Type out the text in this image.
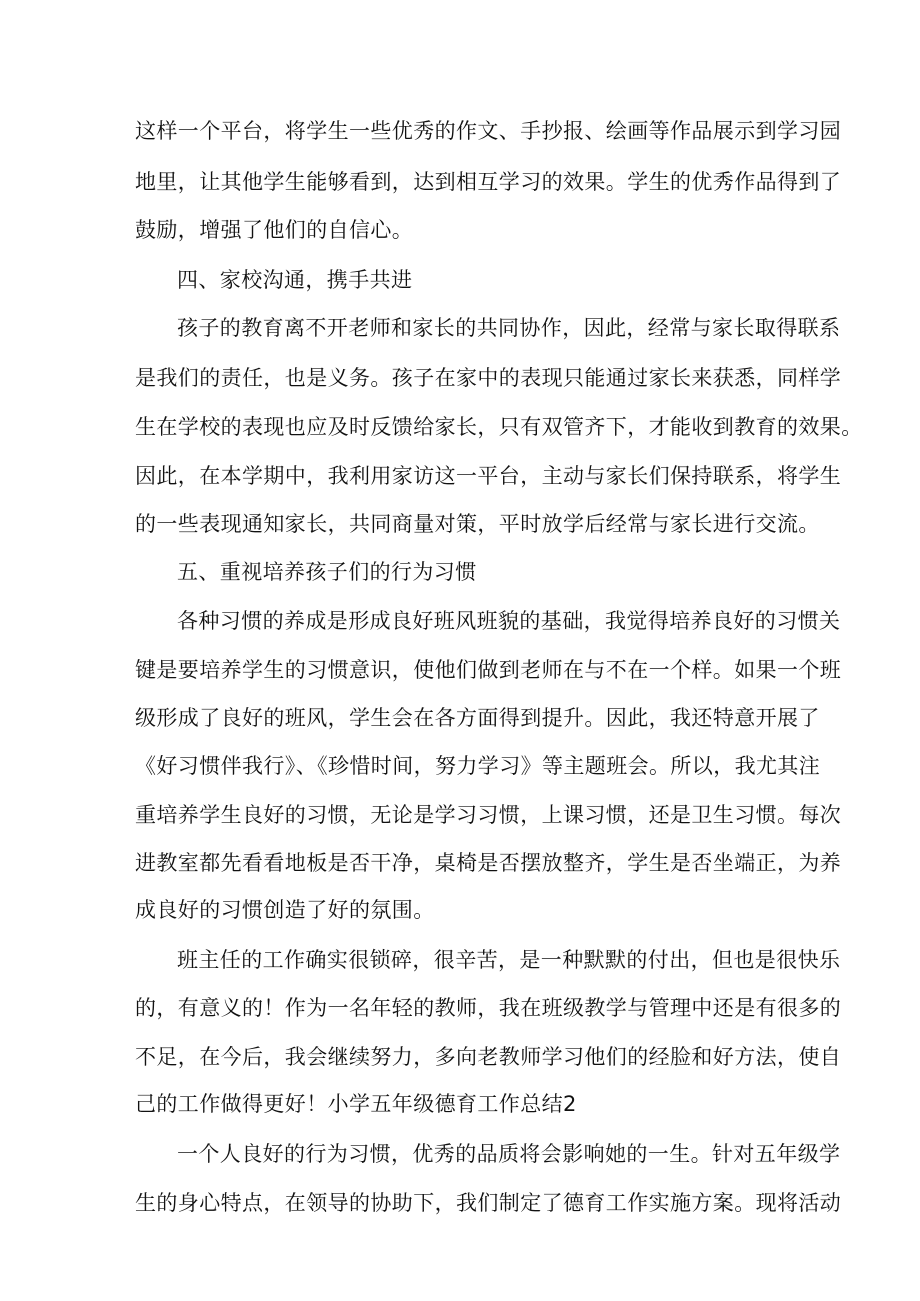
这样一个平台，将学生一些优秀的作文、手抄报、绘画等作品展示到学习园
地里，让其他学生能够看到，达到相互学习的效果。学生的优秀作品得到了
鼓励，增强了他们的自信心。
四、家校沟通，携手共进
孩子的教育离不开老师和家长的共同协作，因此，经常与家长取得联系
是我们的责任，也是义务。孩子在家中的表现只能通过家长来获悉，同样学
生在学校的表现也应及时反馈给家长，只有双管齐下，才能收到教育的效果。
因此，在本学期中，我利用家访这一平台，主动与家长们保持联系，将学生
的一些表现通知家长，共同商量对策，平时放学后经常与家长进行交流。
五、重视培养孩子们的行为习惯
各种习惯的养成是形成良好班风班貌的基础，我觉得培养良好的习惯关
键是要培养学生的习惯意识，使他们做到老师在与不在一个样。如果一个班
级形成了良好的班风，学生会在各方面得到提升。因此，我还特意开展了
《好习惯伴我行》、《珍惜时间，努力学习》等主题班会。所以，我尤其注
重培养学生良好的习惯，无论是学习习惯，上课习惯，还是卫生习惯。每次
进教室都先看看地板是否干净，桌椅是否摆放整齐，学生是否坐端正，为养
成良好的习惯创造了好的氛围。
班主任的工作确实很锁碎，很辛苦，是一种默默的付出，但也是很快乐
的，有意义的！作为一名年轻的教师，我在班级教学与管理中还是有很多的
不足，在今后，我会继续努力，多向老教师学习他们的经脸和好方法，使自
己的工作做得更好！小学五年级德育工作总结2
一个人良好的行为习惯，优秀的品质将会影响她的一生。针对五年级学
生的身心特点，在领导的协助下，我们制定了德育工作实施方案。现将活动
